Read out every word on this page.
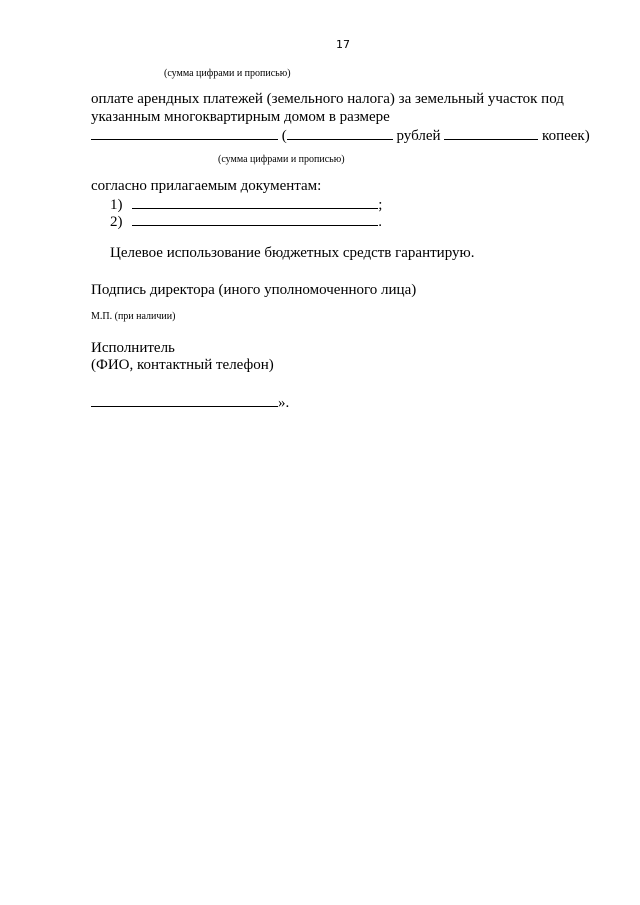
17
(сумма цифрами и прописью)
оплате арендных платежей (земельного налога) за земельный участок под
указанным многоквартирным домом в размере
(	рублей	копеек)
(сумма цифрами и прописью)
согласно прилагаемым документам:
1)	;
2)	.
Целевое использование бюджетных средств гарантирую.
Подпись директора (иного уполномоченного лица)
М.П. (при наличии)
Исполнитель
(ФИО, контактный телефон)
».
